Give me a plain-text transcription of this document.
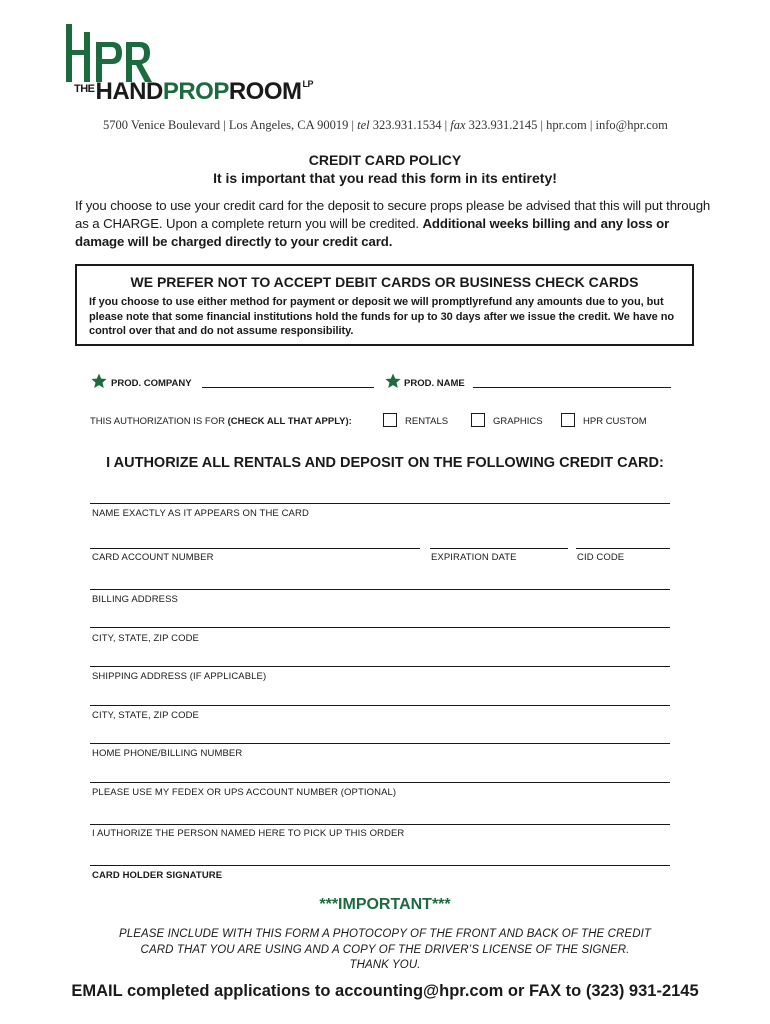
$^{THE}HANDPROPROOM^{LP}$
5700 Venice Boulevard | Los Angeles, CA 90019 | tel 323.931.1534 | fax 323.931.2145 | hpr.com | info@hpr.com
CREDIT CARD POLICY
It is important that you read this form in its entirety!
If you choose to use your credit card for the deposit to secure props please be advised that this will put through as a CHARGE. Upon a complete return you will be credited. Additional weeks billing and any loss or damage will be charged directly to your credit card.
WE PREFER NOT TO ACCEPT DEBIT CARDS OR BUSINESS CHECK CARDS
If you choose to use either method for payment or deposit we will promptlyrefund any amounts due to you, but please note that some financial institutions hold the funds for up to 30 days after we issue the credit. We have no control over that and do not assume responsibility.
PROD. COMPANY	PROD. NAME
THIS AUTHORIZATION IS FOR (CHECK ALL THAT APPLY):	RENTALS	GRAPHICS	HPR CUSTOM
I AUTHORIZE ALL RENTALS AND DEPOSIT ON THE FOLLOWING CREDIT CARD:
NAME EXACTLY AS IT APPEARS ON THE CARD
CARD ACCOUNT NUMBER	EXPIRATION DATE	CID CODE
BILLING ADDRESS
CITY, STATE, ZIP CODE
SHIPPING ADDRESS (IF APPLICABLE)
CITY, STATE, ZIP CODE
HOME PHONE/BILLING NUMBER
PLEASE USE MY FEDEX OR UPS ACCOUNT NUMBER (OPTIONAL)
I AUTHORIZE THE PERSON NAMED HERE TO PICK UP THIS ORDER
CARD HOLDER SIGNATURE
***IMPORTANT***
PLEASE INCLUDE WITH THIS FORM A PHOTOCOPY OF THE FRONT AND BACK OF THE CREDIT
CARD THAT YOU ARE USING AND A COPY OF THE DRIVER’S LICENSE OF THE SIGNER.
THANK YOU.
EMAIL completed applications to accounting@hpr.com or FAX to (323) 931-2145
